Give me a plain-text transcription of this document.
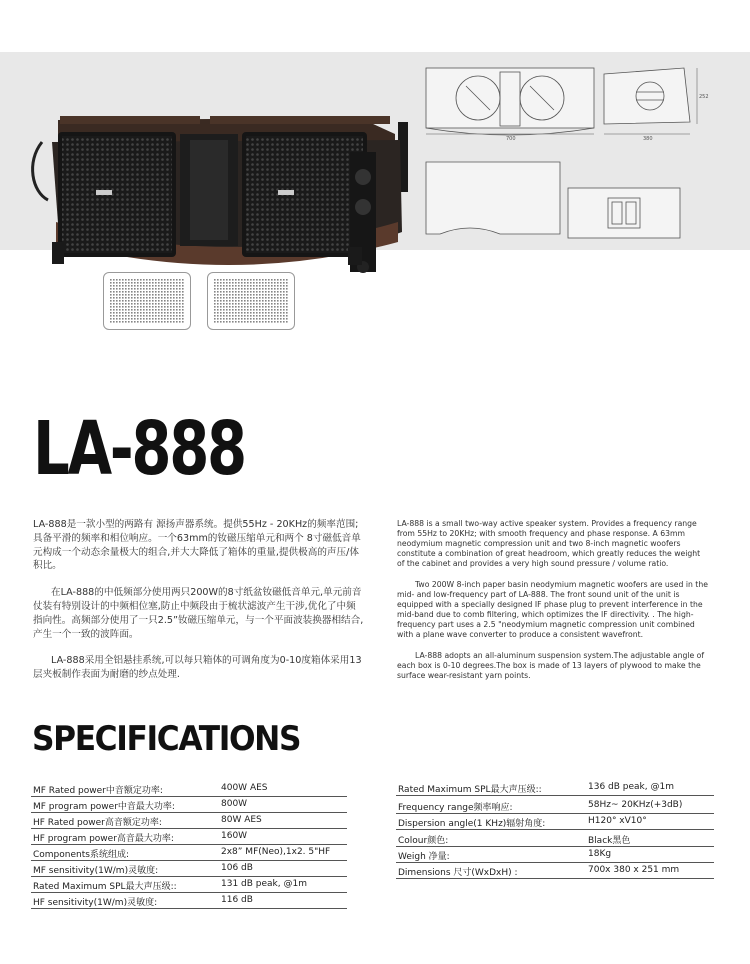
700	380
252
LA-888

LA-888是一款小型的两路有 源扬声器系统。提供55Hz - 20KHz的频率范围;具备平滑的频率和相位响应。一个63mm的钕磁压缩单元和两个 8寸磁低音单元构成一个动态余量极大的组合,并大大降低了箱体的重量,提供极高的声压/体积比。

在LA-888的中低频部分使用两只200W的8寸纸盆钕磁低音单元,单元前音仗装有特别设计的中频相位塞,防止中频段由于梳状滤波产生干涉,优化了中频指向性。高频部分使用了一只2.5”钕磁压缩单元，与一个平面波装换器相结合,产生一个一致的波阵面。

LA-888采用全铝悬挂系统,可以每只箱体的可调角度为0-10度箱体采用13层夹板制作表面为耐磨的纱点处理.

LA-888 is a small two-way active speaker system. Provides a frequency range from 55Hz to 20KHz; with smooth frequency and phase response. A 63mm neodymium magnetic compression unit and two 8-inch magnetic woofers constitute a combination of great headroom, which greatly reduces the weight of the cabinet and provides a very high sound pressure / volume ratio.

Two 200W 8-inch paper basin neodymium magnetic woofers are used in the mid- and low-frequency part of LA-888. The front sound unit of the unit is equipped with a specially designed IF phase plug to prevent interference in the mid-band due to comb filtering, which optimizes the IF directivity. . The high-frequency part uses a 2.5 "neodymium magnetic compression unit combined with a plane wave converter to produce a consistent wavefront.

LA-888 adopts an all-aluminum suspension system.The adjustable angle of each box is 0-10 degrees.The box is made of 13 layers of plywood to make the surface wear-resistant yarn points.

SPECIFICATIONS
MF Rated power中音额定功率:	400W AES
MF program power中音最大功率:	800W
HF Rated power高音额定功率:	80W AES
HF program power高音最大功率:	160W
Components系统组成:	2x8” MF(Neo),1x2. 5"HF
MF sensitivity(1W/m)灵敏度:	106 dB
Rated Maximum SPL最大声压级::	131 dB peak, @1m
HF sensitivity(1W/m)灵敏度:	116 dB
Rated Maximum SPL最大声压级::	136 dB peak, @1m
Frequency range频率响应:	58Hz~ 20KHz(+3dB)
Dispersion angle(1 KHz)辐射角度:	H120° xV10°
Colour颜色:	Black黑色
Weigh 净量:	18Kg
Dimensions 尺寸(WxDxH) :	700x 380 x 251 mm
